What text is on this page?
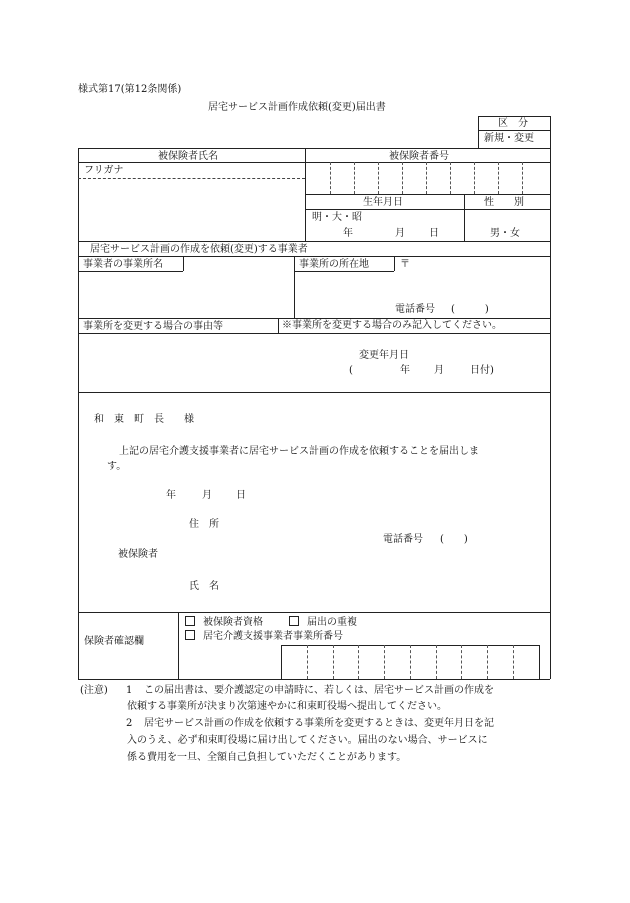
様式第17(第12条関係)
居宅サービス計画作成依頼(変更)届出書
区　分
新規・変更
被保険者氏名	被保険者番号
フリガナ
生年月日	性　　別
明・大・昭
年	月 日	男・女
居宅サービス計画の作成を依頼(変更)する事業者
事業者の事業所名	事業所の所在地	〒
電話番号 (　　　)
事業所を変更する場合の事由等	※事業所を変更する場合のみ記入してください。
変更年月日
(	年 月	日付)
和　東　町　長　　様
上記の居宅介護支援事業者に居宅サービス計画の作成を依頼することを届出しま
す。
年	月 日
住　所
電話番号 (　　)
被保険者
氏　名
保険者確認欄
被保険者資格	届出の重複
居宅介護支援事業者事業所番号
(注意) 1 この届出書は、要介護認定の申請時に、若しくは、居宅サービス計画の作成を
依頼する事業所が決まり次第速やかに和束町役場へ提出してください。
2 居宅サービス計画の作成を依頼する事業所を変更するときは、変更年月日を記
入のうえ、必ず和束町役場に届け出してください。届出のない場合、サービスに
係る費用を一旦、全額自己負担していただくことがあります。
